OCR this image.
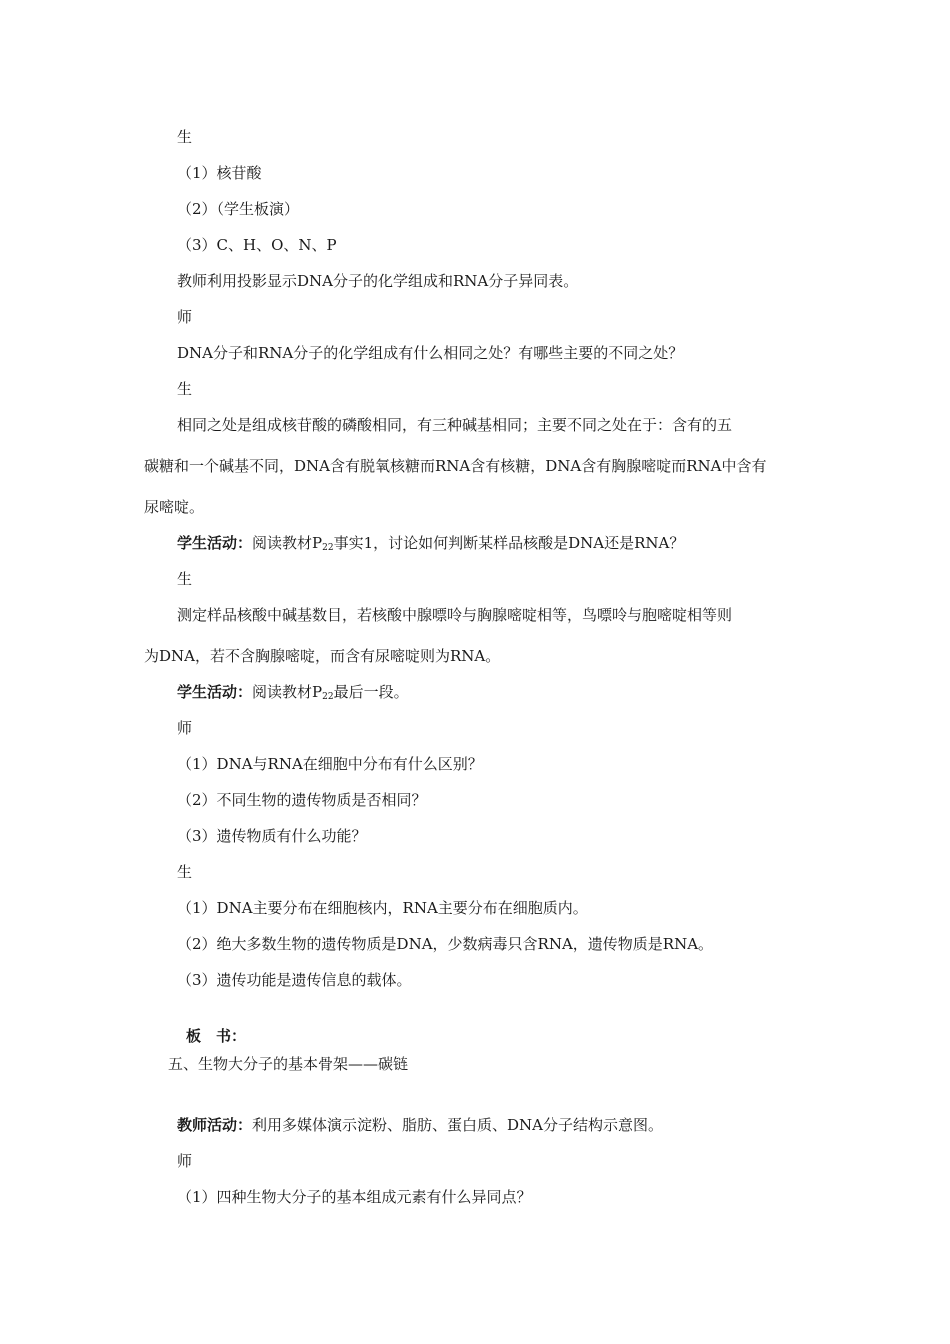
生
（1）核苷酸
（2）（学生板演）
（3）C、H、O、N、P
教师利用投影显示DNA分子的化学组成和RNA分子异同表。
师
DNA分子和RNA分子的化学组成有什么相同之处？有哪些主要的不同之处？
生
相同之处是组成核苷酸的磷酸相同，有三种碱基相同；主要不同之处在于：含有的五
碳糖和一个碱基不同，DNA含有脱氧核糖而RNA含有核糖，DNA含有胸腺嘧啶而RNA中含有
尿嘧啶。
学生活动：阅读教材$P_{22}$事实1，讨论如何判断某样品核酸是DNA还是RNA？
生
测定样品核酸中碱基数目，若核酸中腺嘌呤与胸腺嘧啶相等，鸟嘌呤与胞嘧啶相等则
为DNA，若不含胸腺嘧啶，而含有尿嘧啶则为RNA。
学生活动：阅读教材$P_{22}$最后一段。
师
（1）DNA与RNA在细胞中分布有什么区别？
（2）不同生物的遗传物质是否相同？
（3）遗传物质有什么功能？
生
（1）DNA主要分布在细胞核内，RNA主要分布在细胞质内。
（2）绝大多数生物的遗传物质是DNA，少数病毒只含RNA，遗传物质是RNA。
（3）遗传功能是遗传信息的载体。
板　书：
五、生物大分子的基本骨架——碳链
教师活动：利用多媒体演示淀粉、脂肪、蛋白质、DNA分子结构示意图。
师
（1）四种生物大分子的基本组成元素有什么异同点？
